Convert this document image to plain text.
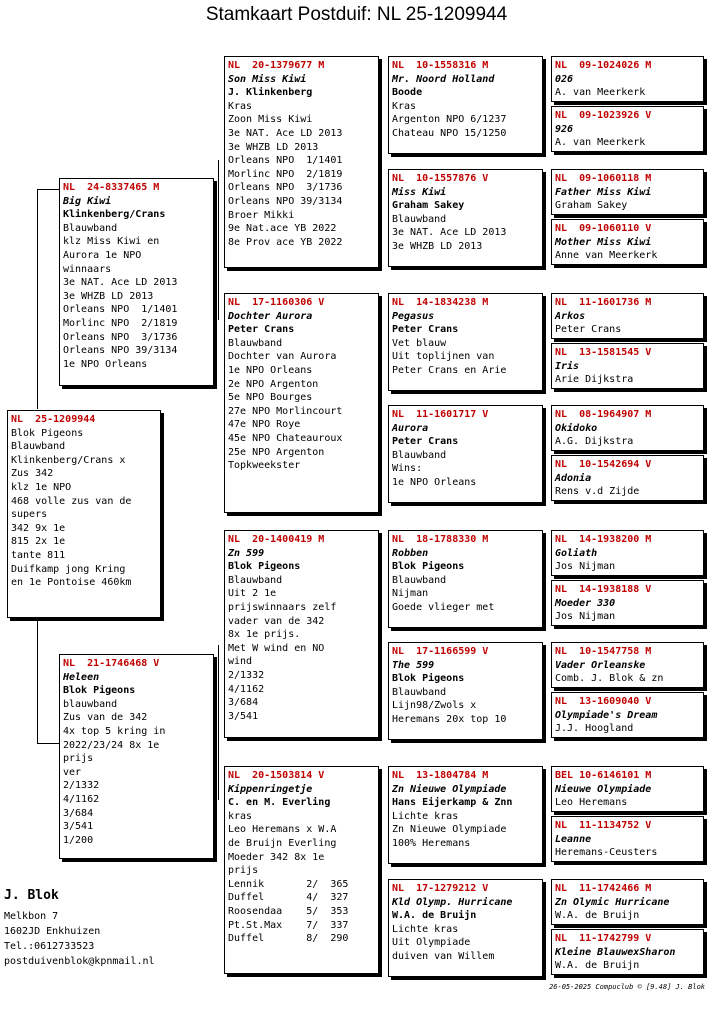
Stamkaart Postduif: NL 25-1209944
NL  25-1209944
Blok Pigeons
Blauwband
Klinkenberg/Crans x
Zus 342
klz 1e NPO
468 volle zus van de
supers
342 9x 1e
815 2x 1e
tante 811
Duifkamp jong Kring
en 1e Pontoise 460km
NL  24-8337465 M
Big Kiwi
Klinkenberg/Crans
Blauwband
klz Miss Kiwi en
Aurora 1e NPO
winnaars
3e NAT. Ace LD 2013
3e WHZB LD 2013
Orleans NPO  1/1401
Morlinc NPO  2/1819
Orleans NPO  3/1736
Orleans NPO 39/3134
1e NPO Orleans
NL  21-1746468 V
Heleen
Blok Pigeons
blauwband
Zus van de 342
4x top 5 kring in
2022/23/24 8x 1e
prijs
ver
2/1332
4/1162
3/684
3/541
1/200
NL  20-1379677 M
Son Miss Kiwi
J. Klinkenberg
Kras
Zoon Miss Kiwi
3e NAT. Ace LD 2013
3e WHZB LD 2013
Orleans NPO  1/1401
Morlinc NPO  2/1819
Orleans NPO  3/1736
Orleans NPO 39/3134
Broer Mikki
9e Nat.ace YB 2022
8e Prov ace YB 2022
NL  17-1160306 V
Dochter Aurora
Peter Crans
Blauwband
Dochter van Aurora
1e NPO Orleans
2e NPO Argenton
5e NPO Bourges
27e NPO Morlincourt
47e NPO Roye
45e NPO Chateauroux
25e NPO Argenton
Topkweekster
NL  20-1400419 M
Zn 599
Blok Pigeons
Blauwband
Uit 2 1e
prijswinnaars zelf
vader van de 342
8x 1e prijs.
Met W wind en NO
wind
2/1332
4/1162
3/684
3/541
NL  20-1503814 V
Kippenringetje
C. en M. Everling
kras
Leo Heremans x W.A
de Bruijn Everling
Moeder 342 8x 1e
prijs
Lennik       2/  365
Duffel       4/  327
Roosendaa    5/  353
Pt.St.Max    7/  337
Duffel       8/  290
NL  10-1558316 M
Mr. Noord Holland
Boode
Kras
Argenton NPO 6/1237
Chateau NPO 15/1250
NL  10-1557876 V
Miss Kiwi
Graham Sakey
Blauwband
3e NAT. Ace LD 2013
3e WHZB LD 2013
NL  14-1834238 M
Pegasus
Peter Crans
Vet blauw
Uit toplijnen van
Peter Crans en Arie
NL  11-1601717 V
Aurora
Peter Crans
Blauwband
Wins:
1e NPO Orleans
NL  18-1788330 M
Robben
Blok Pigeons
Blauwband
Nijman
Goede vlieger met
NL  17-1166599 V
The 599
Blok Pigeons
Blauwband
Lijn98/Zwols x
Heremans 20x top 10
NL  13-1804784 M
Zn Nieuwe Olympiade
Hans Eijerkamp & Znn
Lichte kras
Zn Nieuwe Olympiade
100% Heremans
NL  17-1279212 V
Kld Olymp. Hurricane
W.A. de Bruijn
Lichte kras
Uit Olympiade
duiven van Willem
NL  09-1024026 M
026
A. van Meerkerk
NL  09-1023926 V
926
A. van Meerkerk
NL  09-1060118 M
Father Miss Kiwi
Graham Sakey
NL  09-1060110 V
Mother Miss Kiwi
Anne van Meerkerk
NL  11-1601736 M
Arkos
Peter Crans
NL  13-1581545 V
Iris
Arie Dijkstra
NL  08-1964907 M
Okidoko
A.G. Dijkstra
NL  10-1542694 V
Adonia
Rens v.d Zijde
NL  14-1938200 M
Goliath
Jos Nijman
NL  14-1938188 V
Moeder 330
Jos Nijman
NL  10-1547758 M
Vader Orleanske
Comb. J. Blok & zn
NL  13-1609040 V
Olympiade's Dream
J.J. Hoogland
BEL 10-6146101 M
Nieuwe Olympiade
Leo Heremans
NL  11-1134752 V
Leanne
Heremans-Ceusters
NL  11-1742466 M
Zn Olymic Hurricane
W.A. de Bruijn
NL  11-1742799 V
Kleine BlauwexSharon
W.A. de Bruijn
J. Blok
Melkbon 7
1602JD Enkhuizen
Tel.:0612733523
postduivenblok@kpnmail.nl
26-05-2025 Compuclub © [9.48] J. Blok
